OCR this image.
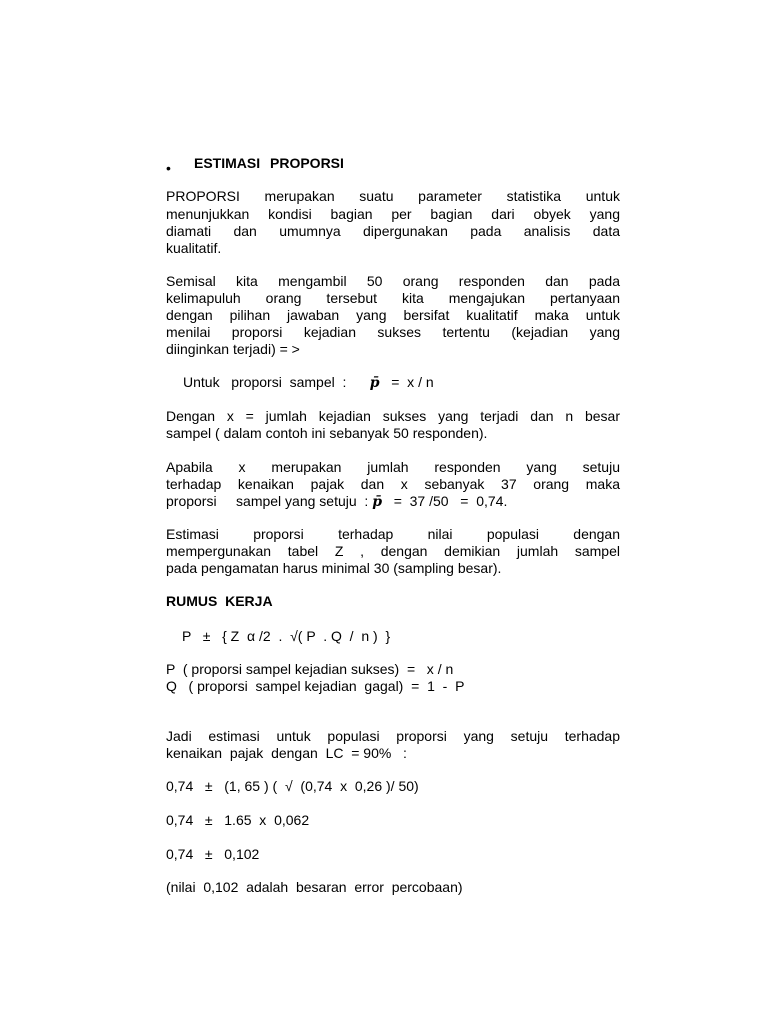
• ESTIMASI PROPORSI
PROPORSI merupakan suatu parameter statistika untuk
menunjukkan kondisi bagian per bagian dari obyek yang
diamati dan umumnya dipergunakan pada analisis data
kualitatif.
Semisal kita mengambil 50 orang responden dan pada
kelimapuluh orang tersebut kita mengajukan pertanyaan
dengan pilihan jawaban yang bersifat kualitatif maka untuk
menilai proporsi kejadian sukses tertentu (kejadian yang
diinginkan terjadi) = >
Untuk   proporsi  sampel  : p̄ =  x / n
Dengan x = jumlah kejadian sukses yang terjadi dan n besar
sampel ( dalam contoh ini sebanyak 50 responden).
Apabila x merupakan jumlah responden yang setuju
terhadap kenaikan pajak dan x sebanyak 37 orang maka
proporsi     sampel yang setuju  : p̄ =  37 /50   =  0,74.
Estimasi proporsi terhadap nilai populasi dengan
mempergunakan tabel Z , dengan demikian jumlah sampel
pada pengamatan harus minimal 30 (sampling besar).
RUMUS  KERJA
P   ±   { Z  α /2  .  √( P  . Q  /  n )  }
P  ( proporsi sampel kejadian sukses)  =   x / n
Q   ( proporsi  sampel kejadian  gagal)  =  1  -  P
Jadi estimasi untuk populasi proporsi yang setuju terhadap
kenaikan  pajak  dengan  LC  = 90%   :
0,74   ±   (1, 65 ) (  √  (0,74  x  0,26 )/ 50)
0,74   ±   1.65  x  0,062
0,74   ±   0,102
(nilai  0,102  adalah  besaran  error  percobaan)
